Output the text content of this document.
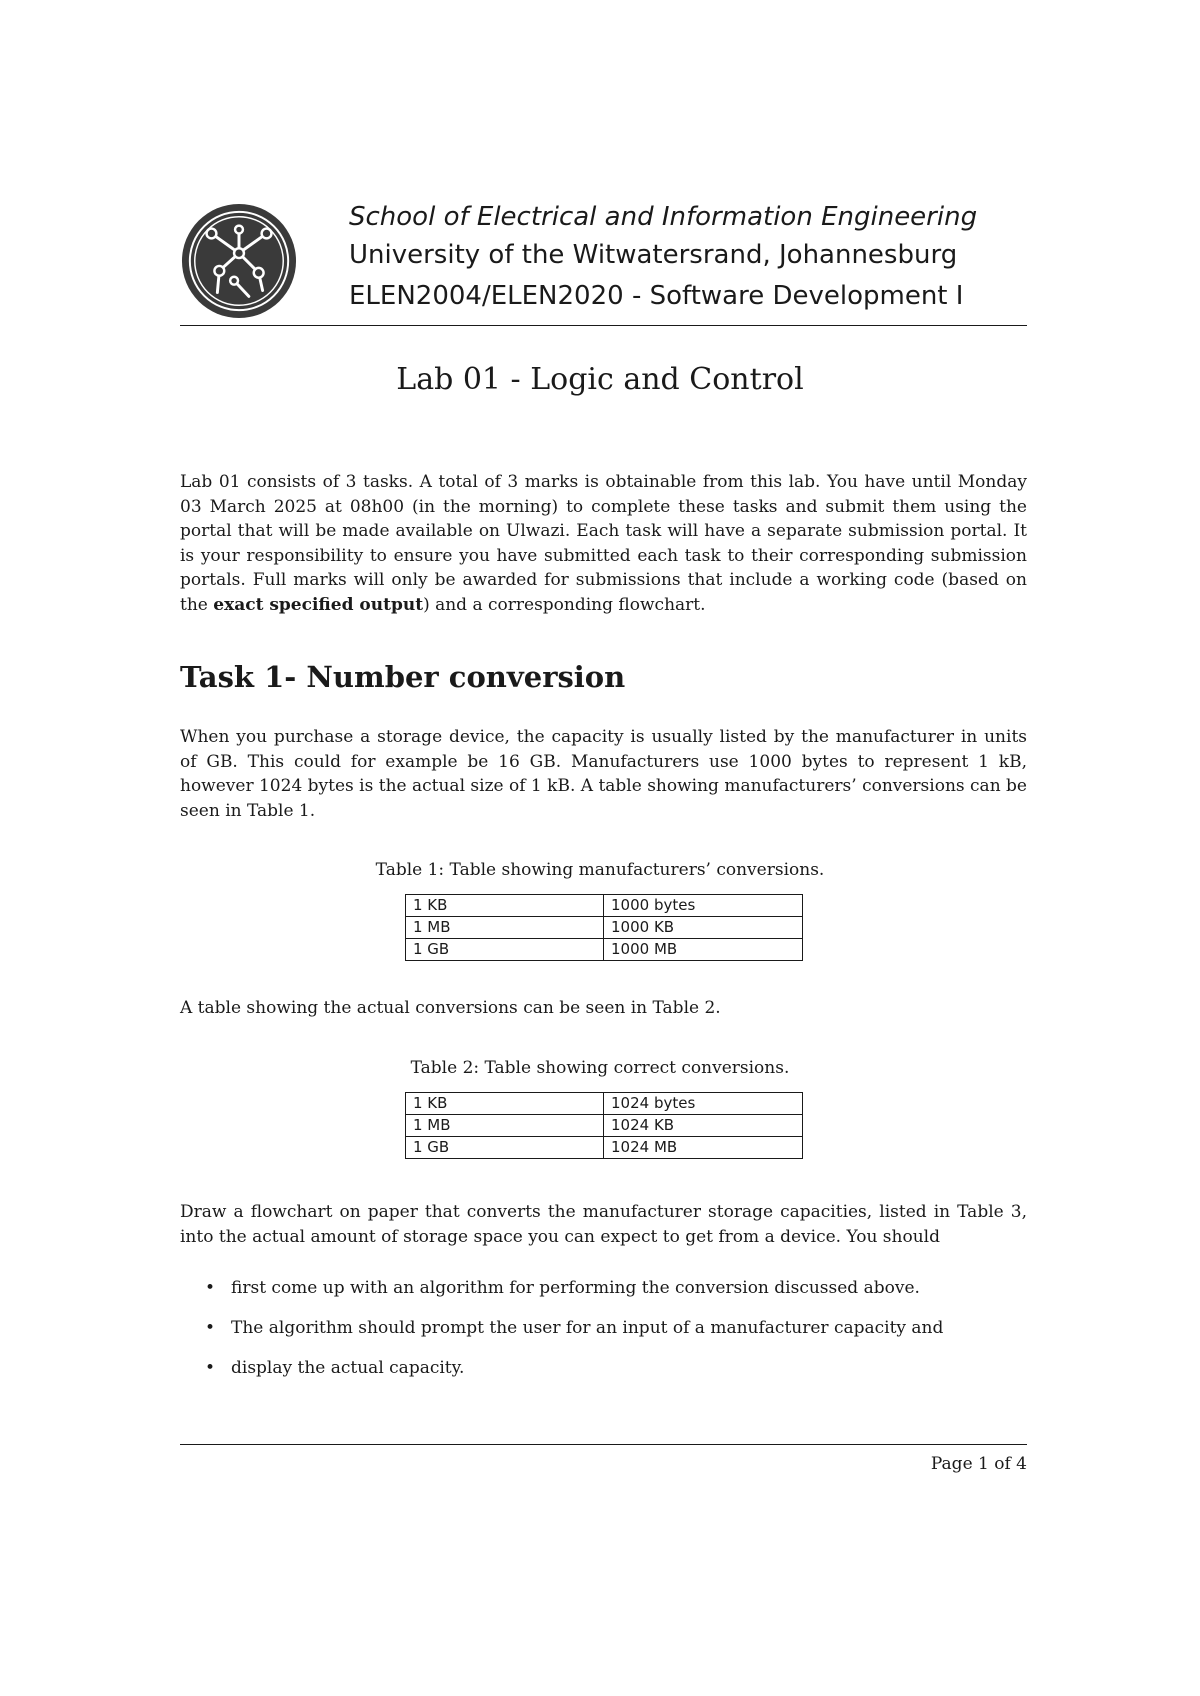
School of Electrical and Information Engineering
University of the Witwatersrand, Johannesburg
ELEN2004/ELEN2020 - Software Development I
Lab 01 - Logic and Control
Lab 01 consists of 3 tasks. A total of 3 marks is obtainable from this lab. You have until Monday 03 March 2025 at 08h00 (in the morning) to complete these tasks and submit them using the portal that will be made available on Ulwazi. Each task will have a separate submission portal. It is your responsibility to ensure you have submitted each task to their corresponding submission portals. Full marks will only be awarded for submissions that include a working code (based on the exact specified output) and a corresponding flowchart.
Task 1- Number conversion
When you purchase a storage device, the capacity is usually listed by the manufacturer in units of GB. This could for example be 16 GB. Manufacturers use 1000 bytes to represent 1 kB, however 1024 bytes is the actual size of 1 kB. A table showing manufacturers’ conversions can be seen in Table 1.
Table 1: Table showing manufacturers’ conversions.
1 KB	1000 bytes
1 MB	1000 KB
1 GB	1000 MB
A table showing the actual conversions can be seen in Table 2.
Table 2: Table showing correct conversions.
1 KB	1024 bytes
1 MB	1024 KB
1 GB	1024 MB
Draw a flowchart on paper that converts the manufacturer storage capacities, listed in Table 3, into the actual amount of storage space you can expect to get from a device. You should
• first come up with an algorithm for performing the conversion discussed above.
• The algorithm should prompt the user for an input of a manufacturer capacity and
• display the actual capacity.
Page 1 of 4
